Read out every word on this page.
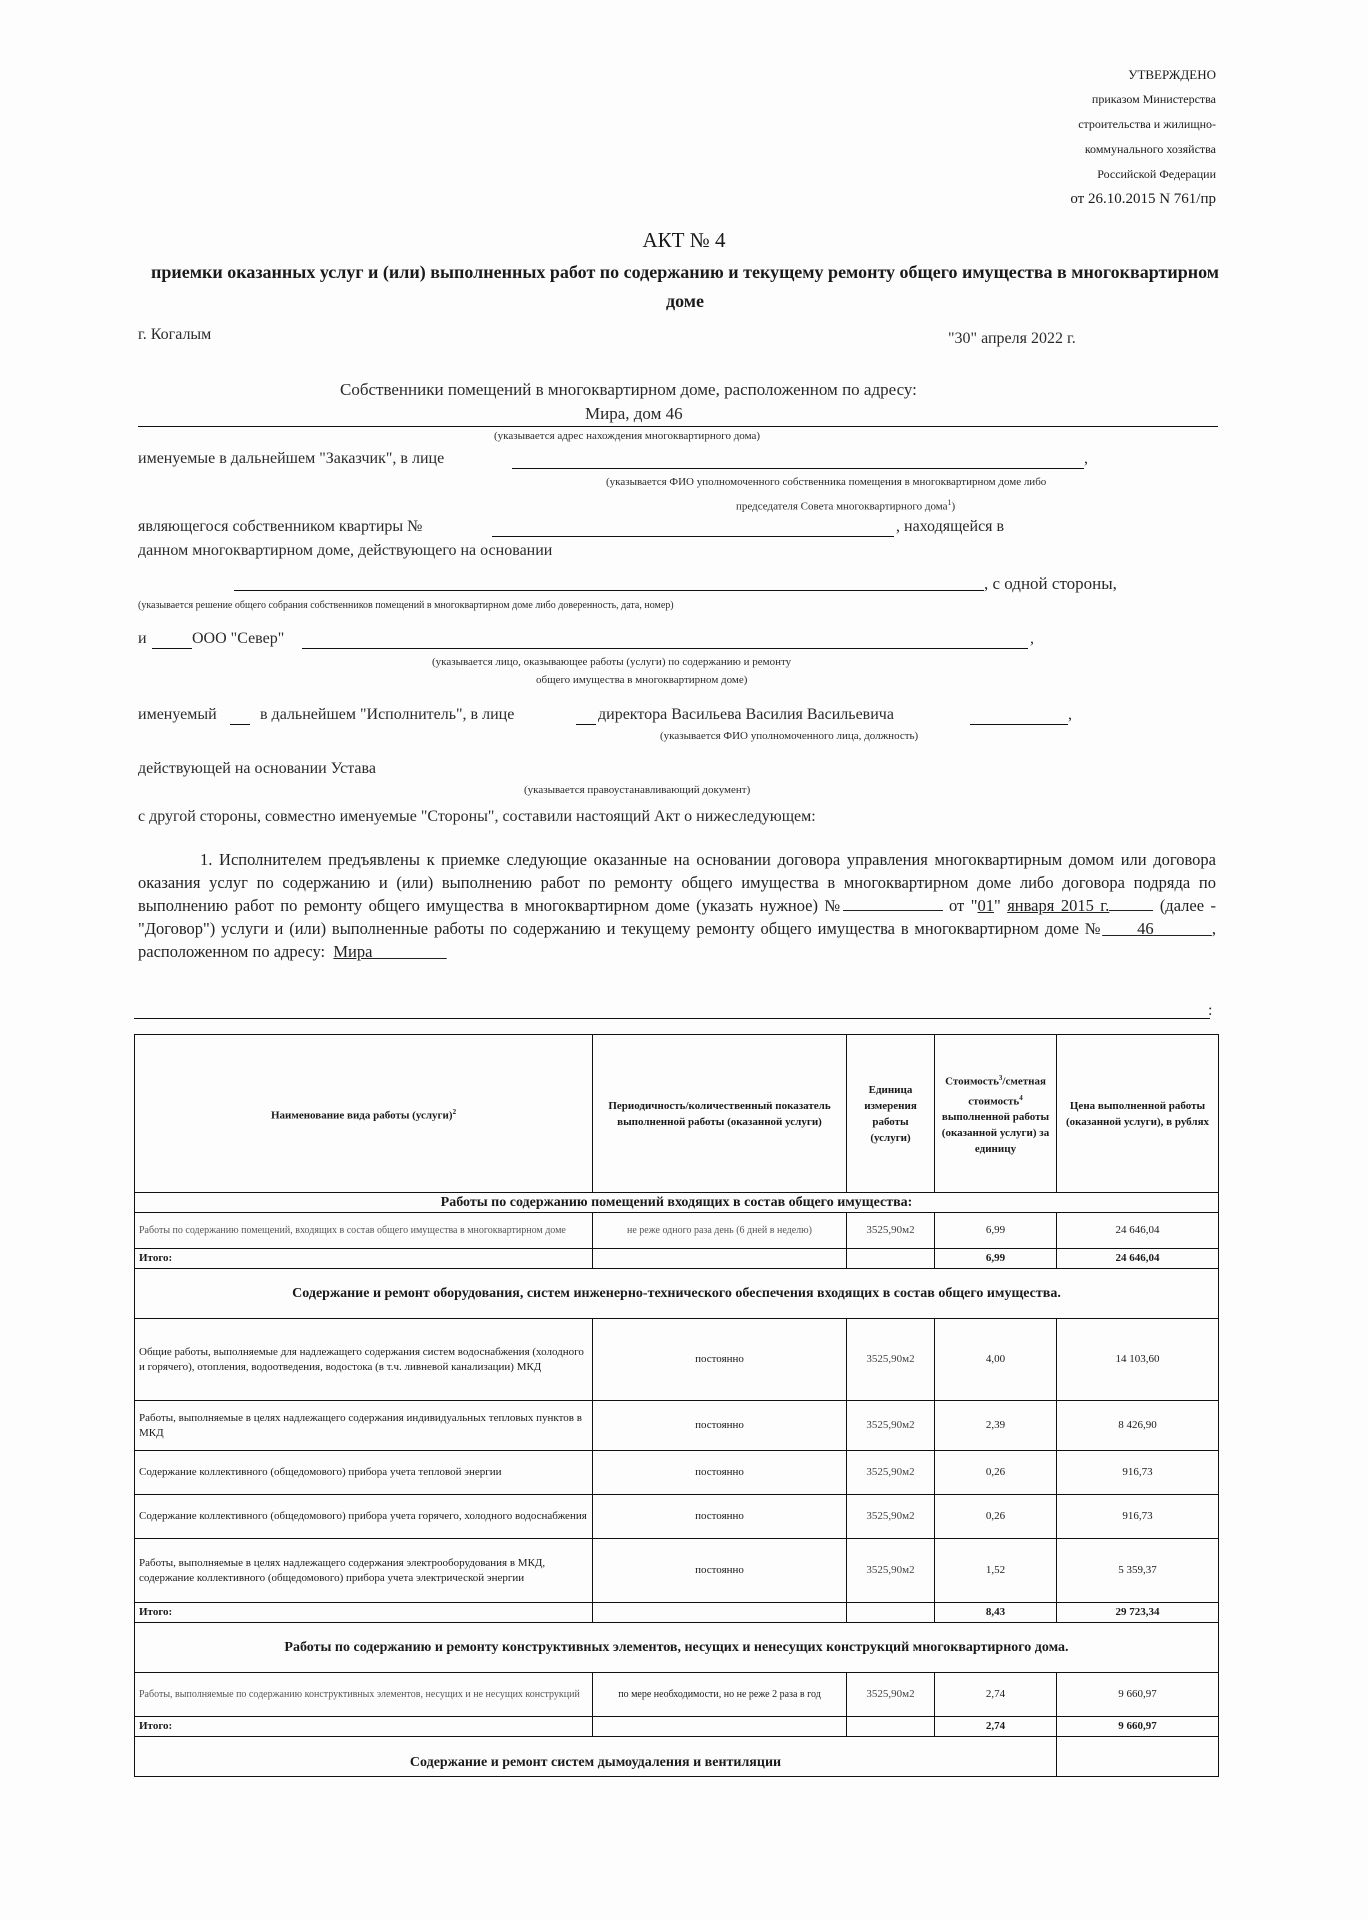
УТВЕРЖДЕНО
приказом Министерства
строительства и жилищно-
коммунального хозяйства
Российской Федерации
от 26.10.2015 N 761/пр
АКТ № 4
приемки оказанных услуг и (или) выполненных работ по содержанию и текущему ремонту общего имущества в многоквартирном доме
г. Когалым	"30" апреля 2022 г.
Собственники помещений в многоквартирном доме, расположенном по адресу:
Мира, дом 46
(указывается адрес нахождения многоквартирного дома)
именуемые в дальнейшем "Заказчик", в лице	,
(указывается ФИО уполномоченного собственника помещения в многоквартирном доме либо
председателя Совета многоквартирного дома$^1$)
являющегося собственником квартиры №	, находящейся в
данном многоквартирном доме, действующего на основании
, с одной стороны,
(указывается решение общего собрания собственников помещений в многоквартирном доме либо доверенность, дата, номер)
и	ООО "Север"	,
(указывается лицо, оказывающее работы (услуги) по содержанию и ремонту
общего имущества в многоквартирном доме)
именуемый	в дальнейшем "Исполнитель", в лице	директора Васильева Василия Васильевича	,
(указывается ФИО уполномоченного лица, должность)
действующей на основании Устава
(указывается правоустанавливающий документ)
с другой стороны, совместно именуемые "Стороны", составили настоящий Акт о нижеследующем:
1. Исполнителем предъявлены к приемке следующие оказанные на основании договора управления многоквартирным домом или договора оказания услуг по содержанию и (или) выполнению работ по ремонту общего имущества в многоквартирном доме либо договора подряда по выполнению работ по ремонту общего имущества в многоквартирном доме (указать нужное) №	от "01" января 2015 г.	(далее - "Договор") услуги и (или) выполненные работы по содержанию и текущему ремонту общего имущества в многоквартирном доме № 46	, расположенном по адресу: Мира
:
Наименование вида работы (услуги)$^2$	Периодичность/количественный показатель выполненной работы (оказанной услуги)	Единица измерения работы (услуги)	Стоимость$^3$/сметная стоимость$^4$ выполненной работы (оказанной услуги) за единицу	Цена выполненной работы (оказанной услуги), в рублях
Работы по содержанию помещений входящих в состав общего имущества:				
Работы по содержанию помещений, входящих в состав общего имущества в многоквартирном доме	не реже одного раза день (6 дней в неделю)	3525,90м2	6,99	24 646,04
Итого:			6,99	24 646,04
Содержание и ремонт оборудования, систем инженерно-технического обеспечения входящих в состав общего имущества.				
Общие работы, выполняемые для надлежащего содержания систем водоснабжения (холодного и горячего), отопления, водоотведения, водостока (в т.ч. ливневой канализации) МКД	постоянно	3525,90м2	4,00	14 103,60
Работы, выполняемые в целях надлежащего содержания индивидуальных тепловых пунктов в МКД	постоянно	3525,90м2	2,39	8 426,90
Содержание коллективного (общедомового) прибора учета тепловой энергии	постоянно	3525,90м2	0,26	916,73
Содержание коллективного (общедомового) прибора учета горячего, холодного водоснабжения	постоянно	3525,90м2	0,26	916,73
Работы, выполняемые в целях надлежащего содержания электрооборудования в МКД, содержание коллективного (общедомового) прибора учета электрической энергии	постоянно	3525,90м2	1,52	5 359,37
Итого:			8,43	29 723,34
Работы по содержанию и ремонту конструктивных элементов, несущих и ненесущих конструкций многоквартирного дома.				
Работы, выполняемые по содержанию конструктивных элементов, несущих и не несущих конструкций	по мере необходимости, но не реже 2 раза в год	3525,90м2	2,74	9 660,97
Итого:			2,74	9 660,97
Содержание и ремонт систем дымоудаления и вентиляции				
